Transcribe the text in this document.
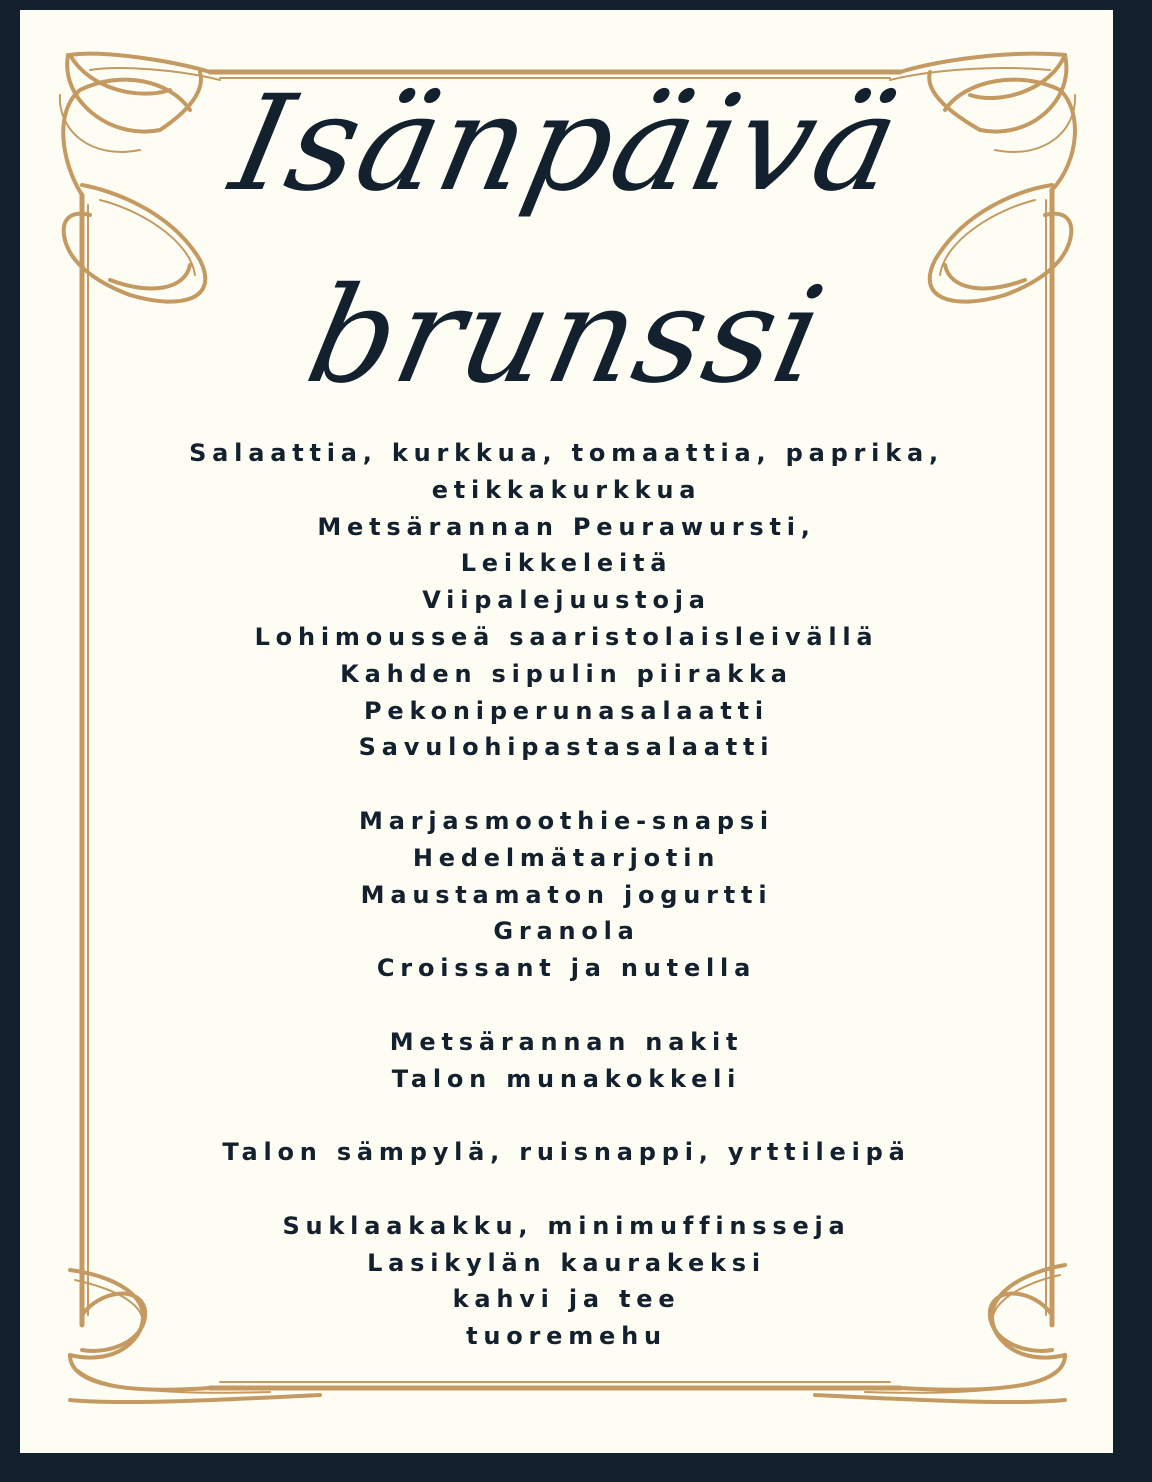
Isänpäivä
brunssi
Salaattia, kurkkua, tomaattia, paprika,
etikkakurkkua
Metsärannan Peurawursti,
Leikkeleitä
Viipalejuustoja
Lohimousseä saaristolaisleivällä
Kahden sipulin piirakka
Pekoniperunasalaatti
Savulohipastasalaatti
Marjasmoothie-snapsi
Hedelmätarjotin
Maustamaton jogurtti
Granola
Croissant ja nutella
Metsärannan nakit
Talon munakokkeli
Talon sämpylä, ruisnappi, yrttileipä
Suklaakakku, minimuffinsseja
Lasikylän kaurakeksi
kahvi ja tee
tuoremehu
